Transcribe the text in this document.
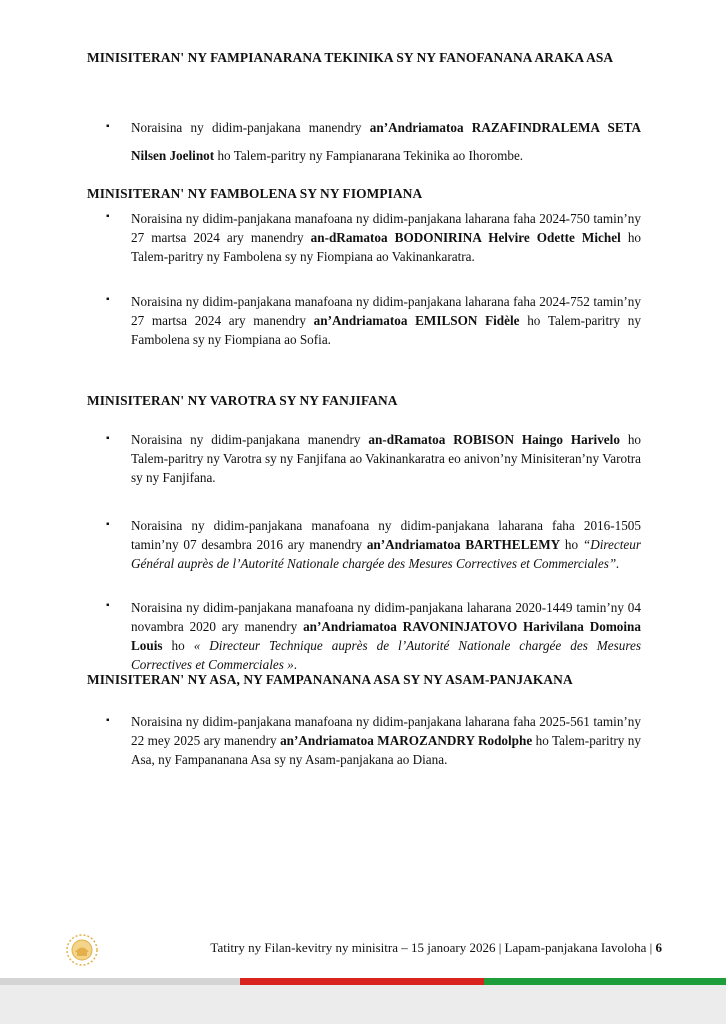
MINISITERAN' NY FAMPIANARANA TEKINIKA SY NY FANOFANANA ARAKA ASA
▪ Noraisina ny didim-panjakana manendry an’Andriamatoa RAZAFINDRALEMA SETA Nilsen Joelinot ho Talem-paritry ny Fampianarana Tekinika ao Ihorombe.
MINISITERAN' NY FAMBOLENA SY NY FIOMPIANA
▪ Noraisina ny didim-panjakana manafoana ny didim-panjakana laharana faha 2024-750 tamin’ny 27 martsa 2024 ary manendry an-dRamatoa BODONIRINA Helvire Odette Michel ho Talem-paritry ny Fambolena sy ny Fiompiana ao Vakinankaratra.
▪ Noraisina ny didim-panjakana manafoana ny didim-panjakana laharana faha 2024-752 tamin’ny 27 martsa 2024 ary manendry an’Andriamatoa EMILSON Fidèle ho Talem-paritry ny Fambolena sy ny Fiompiana ao Sofia.
MINISITERAN' NY VAROTRA SY NY FANJIFANA
▪ Noraisina ny didim-panjakana manendry an-dRamatoa ROBISON Haingo Harivelo ho Talem-paritry ny Varotra sy ny Fanjifana ao Vakinankaratra eo anivon’ny Minisiteran’ny Varotra sy ny Fanjifana.
▪ Noraisina ny didim-panjakana manafoana ny didim-panjakana laharana faha 2016-1505 tamin’ny 07 desambra 2016 ary manendry an’Andriamatoa BARTHELEMY ho “Directeur Général auprès de l’Autorité Nationale chargée des Mesures Correctives et Commerciales”.
▪ Noraisina ny didim-panjakana manafoana ny didim-panjakana laharana 2020-1449 tamin’ny 04 novambra 2020 ary manendry an’Andriamatoa RAVONINJATOVO Harivilana Domoina Louis ho « Directeur Technique auprès de l’Autorité Nationale chargée des Mesures Correctives et Commerciales ».
MINISITERAN' NY ASA, NY FAMPANANANA ASA SY NY ASAM-PANJAKANA
▪ Noraisina ny didim-panjakana manafoana ny didim-panjakana laharana faha 2025-561 tamin’ny 22 mey 2025 ary manendry an’Andriamatoa MAROZANDRY Rodolphe ho Talem-paritry ny Asa, ny Fampananana Asa sy ny Asam-panjakana ao Diana.
Tatitry ny Filan-kevitry ny minisitra – 15 janoary 2026 | Lapam-panjakana Iavoloha | 6
